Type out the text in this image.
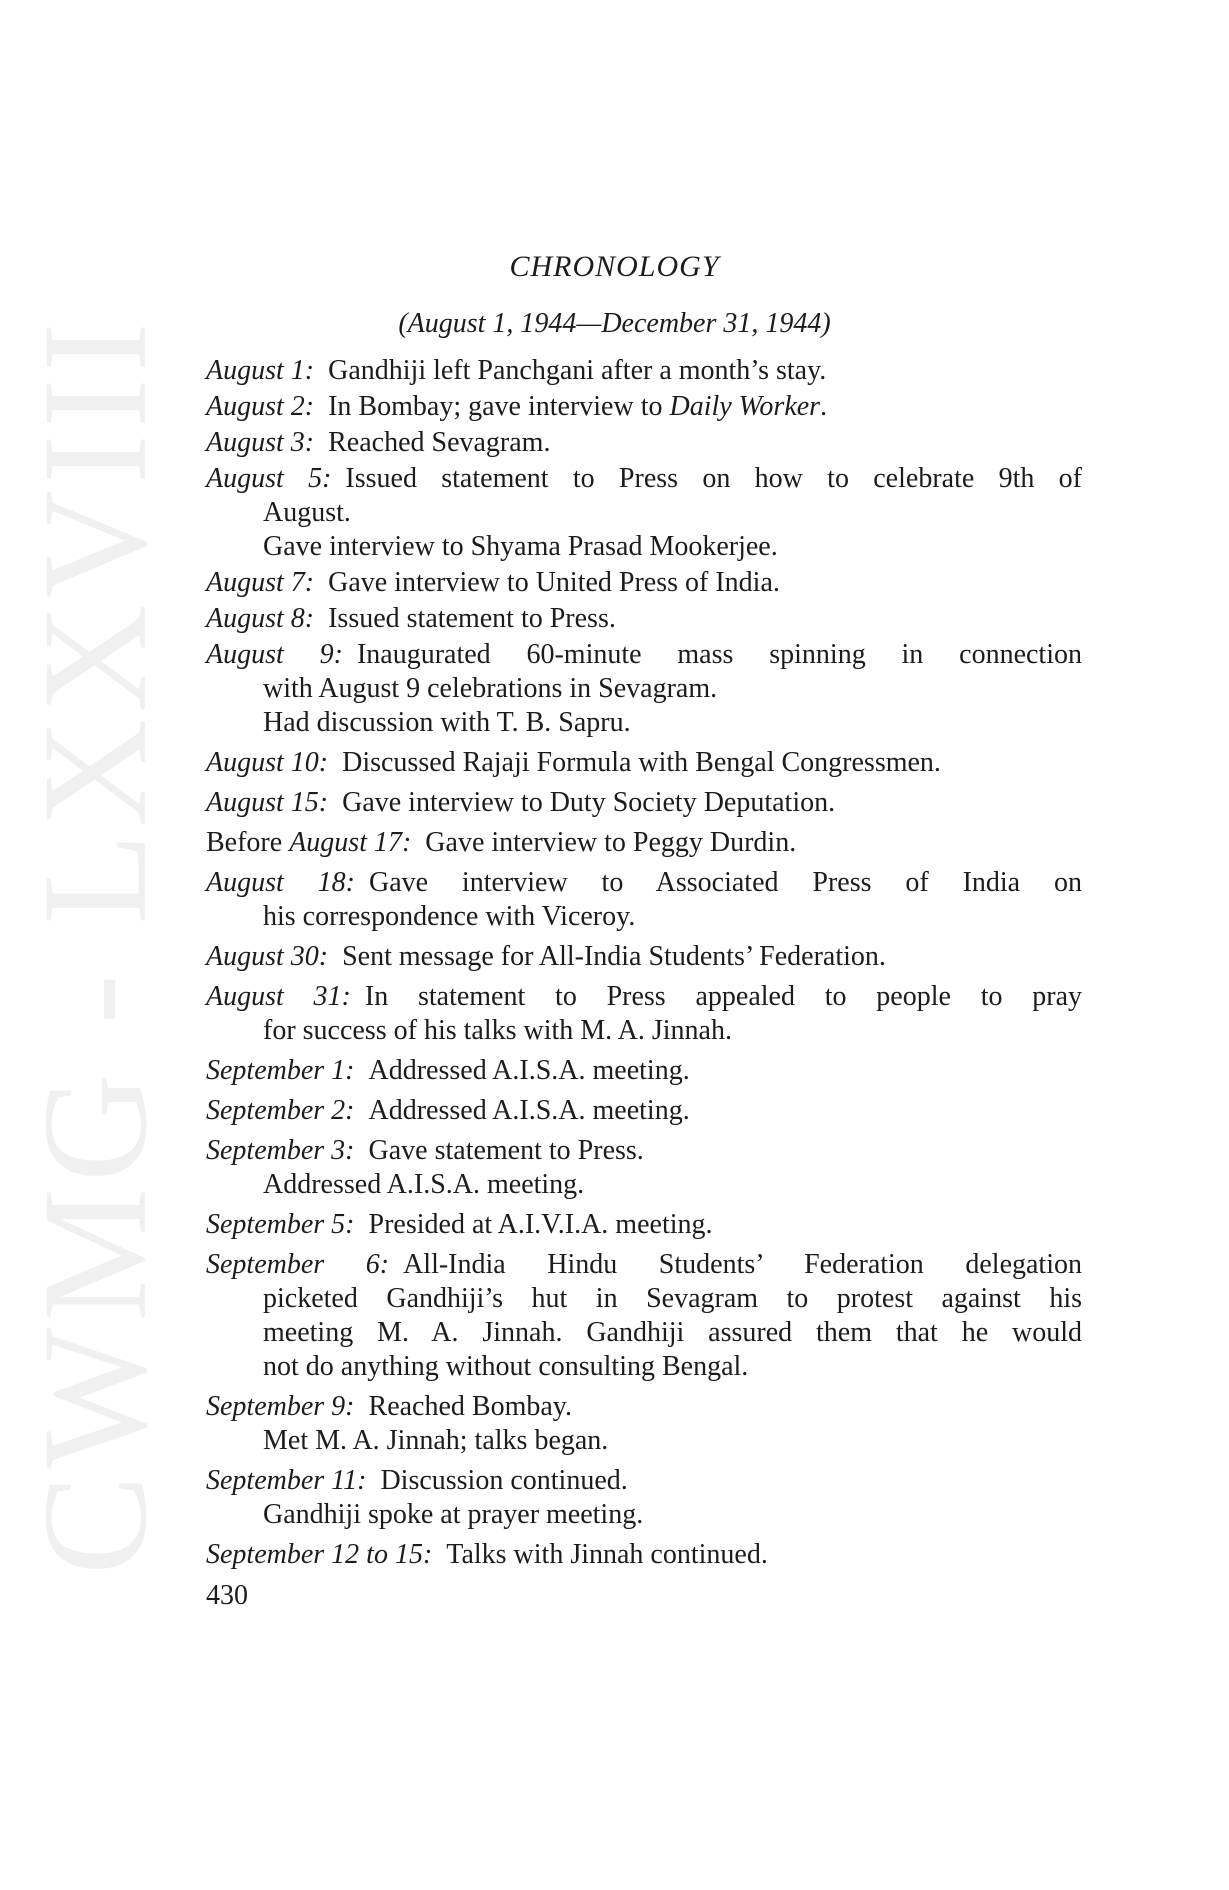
CWMG - LXXVIII
CHRONOLOGY
(August 1, 1944—December 31, 1944)
August 1: Gandhiji left Panchgani after a month’s stay.
August 2: In Bombay; gave interview to Daily Worker.
August 3: Reached Sevagram.
August 5: Issued statement to Press on how to celebrate 9th of
August.
Gave interview to Shyama Prasad Mookerjee.
August 7: Gave interview to United Press of India.
August 8: Issued statement to Press.
August 9: Inaugurated 60-minute mass spinning in connection
with August 9 celebrations in Sevagram.
Had discussion with T. B. Sapru.
August 10: Discussed Rajaji Formula with Bengal Congressmen.
August 15: Gave interview to Duty Society Deputation.
Before August 17: Gave interview to Peggy Durdin.
August 18: Gave interview to Associated Press of India on
his correspondence with Viceroy.
August 30: Sent message for All-India Students’ Federation.
August 31: In statement to Press appealed to people to pray
for success of his talks with M. A. Jinnah.
September 1: Addressed A.I.S.A. meeting.
September 2: Addressed A.I.S.A. meeting.
September 3: Gave statement to Press.
Addressed A.I.S.A. meeting.
September 5: Presided at A.I.V.I.A. meeting.
September 6: All-India Hindu Students’ Federation delegation
picketed Gandhiji’s hut in Sevagram to protest against his
meeting M. A. Jinnah. Gandhiji assured them that he would
not do anything without consulting Bengal.
September 9: Reached Bombay.
Met M. A. Jinnah; talks began.
September 11: Discussion continued.
Gandhiji spoke at prayer meeting.
September 12 to 15: Talks with Jinnah continued.
430
